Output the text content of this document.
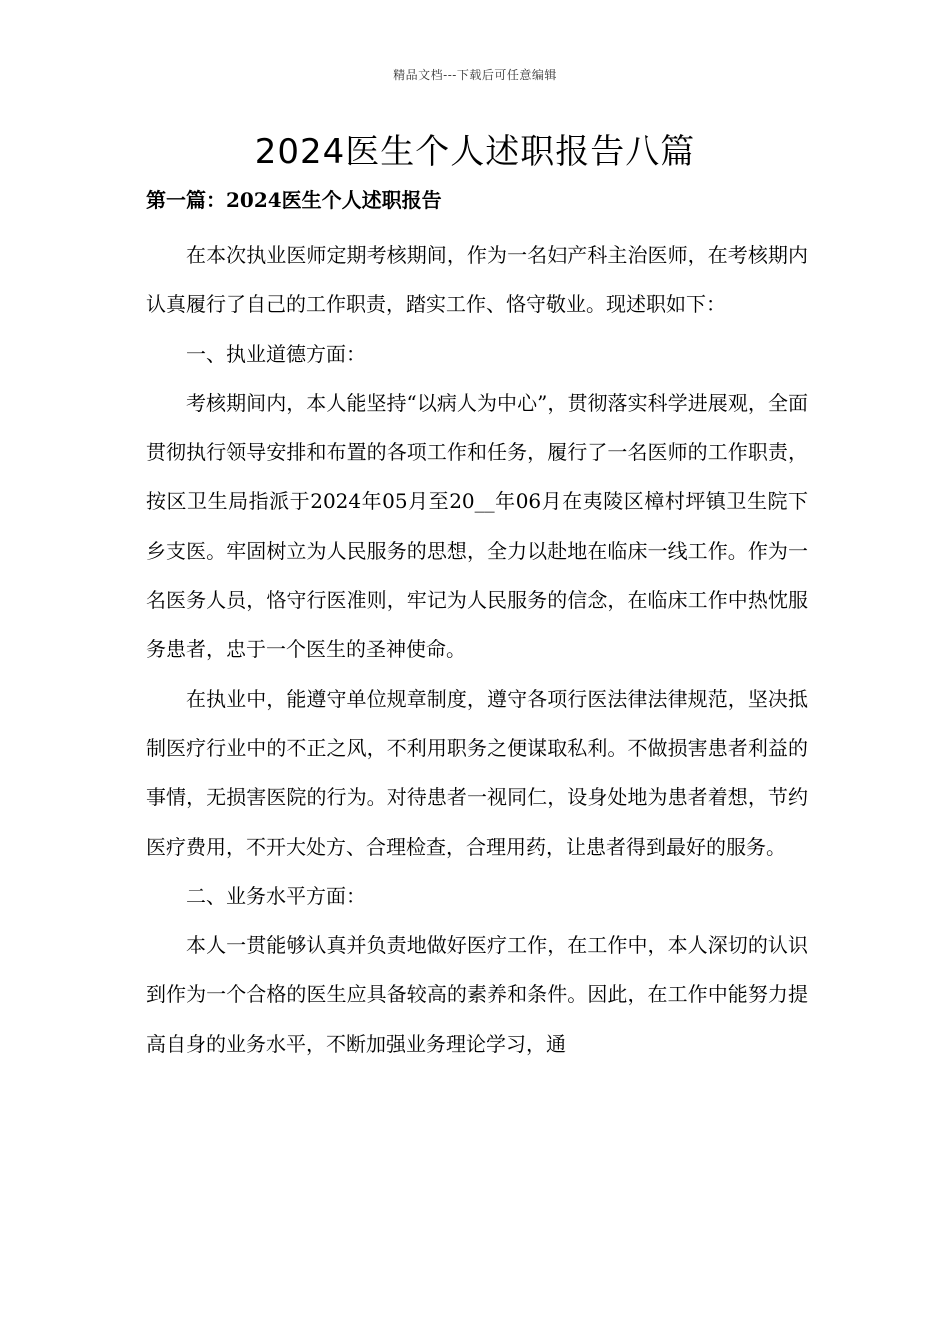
精品文档---下载后可任意编辑
2024医生个人述职报告八篇
第一篇：2024医生个人述职报告

在本次执业医师定期考核期间，作为一名妇产科主治医师，在考核期内认真履行了自己的工作职责，踏实工作、恪守敬业。现述职如下：

一、执业道德方面：

考核期间内，本人能坚持“以病人为中心”，贯彻落实科学进展观，全面贯彻执行领导安排和布置的各项工作和任务，履行了一名医师的工作职责，按区卫生局指派于2024年05月至20__年06月在夷陵区樟村坪镇卫生院下乡支医。牢固树立为人民服务的思想，全力以赴地在临床一线工作。作为一名医务人员，恪守行医准则，牢记为人民服务的信念，在临床工作中热忱服务患者，忠于一个医生的圣神使命。

在执业中，能遵守单位规章制度，遵守各项行医法律法律规范，坚决抵制医疗行业中的不正之风，不利用职务之便谋取私利。不做损害患者利益的事情，无损害医院的行为。对待患者一视同仁，设身处地为患者着想，节约医疗费用，不开大处方、合理检查，合理用药，让患者得到最好的服务。

二、业务水平方面：

本人一贯能够认真并负责地做好医疗工作，在工作中，本人深切的认识到作为一个合格的医生应具备较高的素养和条件。因此，在工作中能努力提高自身的业务水平，不断加强业务理论学习，通
